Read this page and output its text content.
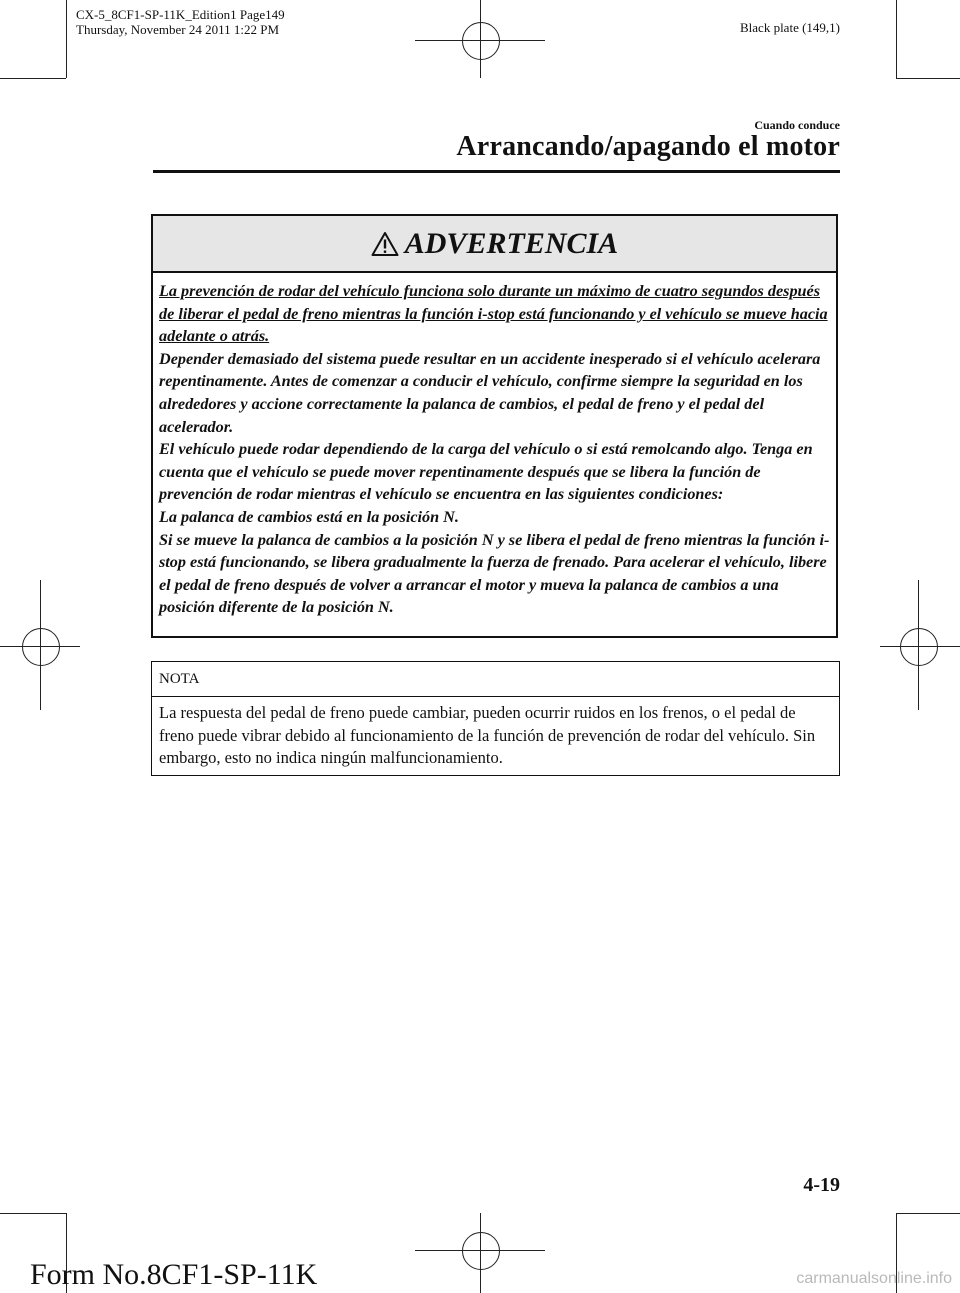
CX-5_8CF1-SP-11K_Edition1 Page149
Thursday, November 24 2011 1:22 PM	Black plate (149,1)
Cuando conduce
Arrancando/apagando el motor
ADVERTENCIA

La prevención de rodar del vehículo funciona solo durante un máximo de cuatro segundos después de liberar el pedal de freno mientras la función i-stop está funcionando y el vehículo se mueve hacia adelante o atrás.

Depender demasiado del sistema puede resultar en un accidente inesperado si el vehículo acelerara repentinamente. Antes de comenzar a conducir el vehículo, confirme siempre la seguridad en los alrededores y accione correctamente la palanca de cambios, el pedal de freno y el pedal del acelerador.

El vehículo puede rodar dependiendo de la carga del vehículo o si está remolcando algo. Tenga en cuenta que el vehículo se puede mover repentinamente después que se libera la función de prevención de rodar mientras el vehículo se encuentra en las siguientes condiciones:

La palanca de cambios está en la posición N.

Si se mueve la palanca de cambios a la posición N y se libera el pedal de freno mientras la función i-stop está funcionando, se libera gradualmente la fuerza de frenado. Para acelerar el vehículo, libere el pedal de freno después de volver a arrancar el motor y mueva la palanca de cambios a una posición diferente de la posición N.

NOTA
La respuesta del pedal de freno puede cambiar, pueden ocurrir ruidos en los frenos, o el pedal de freno puede vibrar debido al funcionamiento de la función de prevención de rodar del vehículo. Sin embargo, esto no indica ningún malfuncionamiento.
4-19
Form No.8CF1-SP-11K	carmanualsonline.info
